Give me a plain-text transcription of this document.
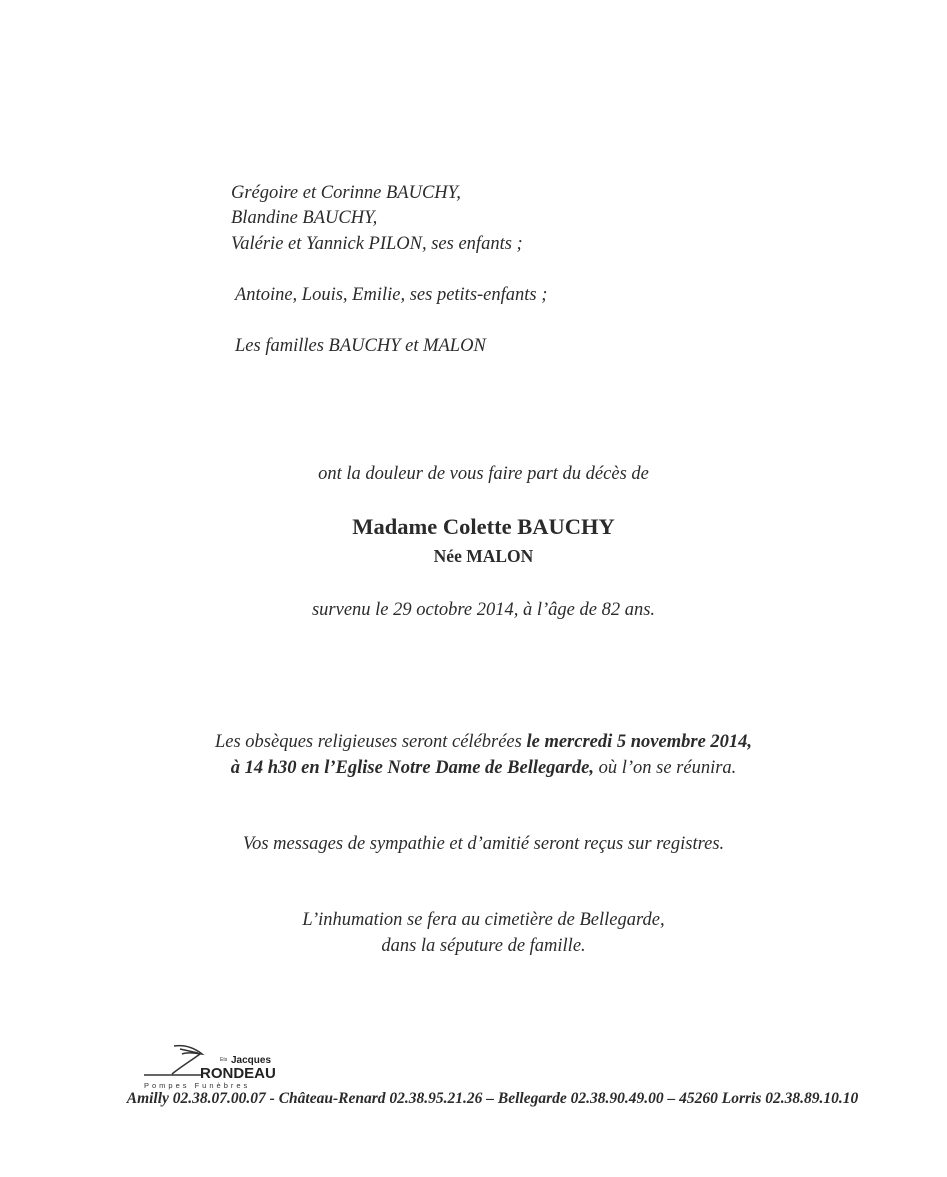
Grégoire et Corinne BAUCHY,
Blandine BAUCHY,
Valérie et Yannick PILON, ses enfants ;
Antoine, Louis, Emilie, ses petits-enfants ;
Les familles BAUCHY et MALON
ont la douleur de vous faire part du décès de
Madame Colette BAUCHY
Née MALON
survenu le 29 octobre 2014, à l’âge de 82 ans.
Les obsèques religieuses seront célébrées le mercredi 5 novembre 2014,
à 14 h30 en l’Eglise Notre Dame de Bellegarde, où l’on se réunira.
Vos messages de sympathie et d’amitié seront reçus sur registres.
L’inhumation se fera au cimetière de Bellegarde,
dans la séputure de famille.
Ets Jacques
RONDEAU
Pompes Funèbres
Amilly 02.38.07.00.07 - Château-Renard 02.38.95.21.26 – Bellegarde 02.38.90.49.00 – 45260 Lorris 02.38.89.10.10
